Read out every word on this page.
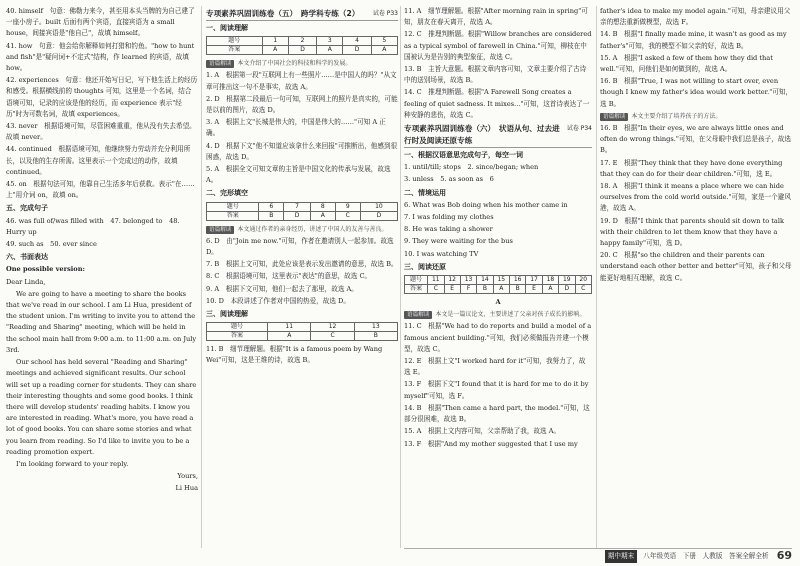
40. himself　句意：佛勒力来今，甚至用本头当牌的为自己建了一座小房子。built 后面有两个宾语，直接宾语为 a small house，间接宾语是"他自己"，故填 himself。

41. how　句意：他会给你解释如何打猎和钓鱼。"how to hunt and fish"是"疑问词+不定式"结构，作 learned 的宾语，故填 how。

42. experiences　句意：他还开始写日记，写下他生活上的经历和感受。根据横线前的 thoughts 可知，这里是一个名词，结合语境可知，记录的应该是他的经历，而 experience 表示"经历"时为可数名词，故填 experiences。

43. never　根据语境可知，尽管困难重重，他从没有失去希望。故填 never。

44. continued　根据语境可知，他继续努力劳动并充分利用所长，以及他的生存所需。这里表示一个完成过的动作，故填 continued。

45. on　根据句法可知，他靠自己生活多年后获救。表示"在……上"用介词 on，故填 on。

五、完成句子

46. was full of/was filled with　47. belonged to　48. Hurry up

49. such as　50. ever since

六、书面表达

One possible version:

Dear Linda,

We are going to have a meeting to share the books that we've read in our school. I am Li Hua, president of the student union. I'm writing to invite you to attend the "Reading and Sharing" meeting, which will be held in the school main hall from 9:00 a.m. to 11:00 a.m. on July 3rd.

Our school has held several "Reading and Sharing" meetings and achieved significant results. Our school will set up a reading corner for students. They can share their interesting thoughts and some good books. I think there will develop students' reading habits. I know you are interested in reading. What's more, you have read a lot of good books. You can share some stories and what you learn from reading. So I'd like to invite you to be a reading promotion expert.

I'm looking forward to your reply.

Yours,

Li Hua

试卷 P33
专项素养巩固训练卷（五）　跨学科专练（2）
一、阅读理解
题号	1	2	3	4	5
答案	A	D	A	D	A

语篇解读 本文介绍了中国社会的科技和科学的发展。

1. A　根据第一段"互联网上有一些照片……是中国人的吗？"从文章可推出这一句不是事实，故选 A。

2. D　根据第二段最后一句可知，互联网上的照片是真实的，可能是以前的图片，故选 D。

3. A　根据上文"长城是伟大的，中国是伟大的……"可知 A 正确。

4. D　根据下文"他不知道应该拿什么来回报"可推断出，他感到很困惑，故选 D。

5. A　根据全文可知文章的主旨是中国文化的传承与发展，故选 A。

二、完形填空
题号	6	7	8	9	10
答案	B	D	A	C	D

语篇解读 本文通过作者的亲身经历，讲述了中国人的友善与善良。

6. D　由"Join me now."可知，作者在邀请别人一起参加。故选 D。

7. B　根据上文可知，此处应该是表示发出邀请的意思，故选 B。

8. C　根据语境可知，这里表示"表达"的意思，故选 C。

9. A　根据下文可知，他们一起去了那里，故选 A。

10. D　本段讲述了作者对中国的热爱，故选 D。

三、阅读理解
题号	11	12	13
答案	A	C	B

11. B　细节理解题。根据"It is a famous poem by Wang Wei"可知，这是王维的诗，故选 B。

11. A　细节理解题。根据"After morning rain in spring"可知，朋友在春天离开，故选 A。

12. C　推理判断题。根据"Willow branches are considered as a typical symbol of farewell in China."可知，柳枝在中国被认为是告别的典型象征，故选 C。

13. B　主旨大意题。根据文章内容可知，文章主要介绍了古诗中的送别场景，故选 B。

14. C　推理判断题。根据"A Farewell Song creates a feeling of quiet sadness. It mixes..."可知，这首诗表达了一种安静的悲伤，故选 C。

试卷 P34
专项素养巩固训练卷（六）　状语从句、过去进行时及阅读还原专练
一、根据汉语意思完成句子，每空一词

1. until/till; stops　2. since/began; when

3. unless　5. as soon as　6

二、情境运用

6. What was Bob doing when his mother came in

7. I was folding my clothes

8. He was taking a shower

9. They were waiting for the bus

10. I was watching TV

三、阅读还原
题号	11	12	13	14	15	16	17	18	19	20
答案	C	E	F	B	A	B	E	A	D	C

A

语篇解读 本文是一篇议论文，主要讲述了父亲对孩子成长的影响。

11. C　根据"We had to do reports and build a model of a famous ancient building."可知，我们必须做报告并建一个模型，故选 C。

12. E　根据上文"I worked hard for it"可知，我努力了，故选 E。

13. F　根据下文"I found that it is hard for me to do it by myself"可知，选 F。

14. B　根据"Then came a hard part, the model."可知，这部分很困难，故选 B。

15. A　根据上文内容可知，父亲帮助了我，故选 A。

13. F　根据"And my mother suggested that I use my

father's idea to make my model again."可知，母亲建议用父亲的想法重新做模型，故选 F。

14. B　根据"I finally made mine, it wasn't as good as my father's"可知，我的模型不如父亲的好，故选 B。

15. A　根据"I asked a few of them how they did that well."可知，问他们是如何做到的，故选 A。

16. B　根据"True, I was not willing to start over, even though I knew my father's idea would work better."可知，选 B。

语篇解读 本文主要介绍了培养孩子的方法。

16. B　根据"In their eyes, we are always little ones and often do wrong things."可知，在父母眼中我们总是孩子，故选 B。

17. E　根据"They think that they have done everything that they can do for their dear children."可知，选 E。

18. A　根据"I think it means a place where we can hide ourselves from the cold world outside."可知，家是一个避风港，故选 A。

19. D　根据"I think that parents should sit down to talk with their children to let them know that they have a happy family"可知，选 D。

20. C　根据"so the children and their parents can understand each other better and better"可知，孩子和父母能更好地相互理解，故选 C。

期中期末 八年级英语　下册　人教版　答案全解全析 69
